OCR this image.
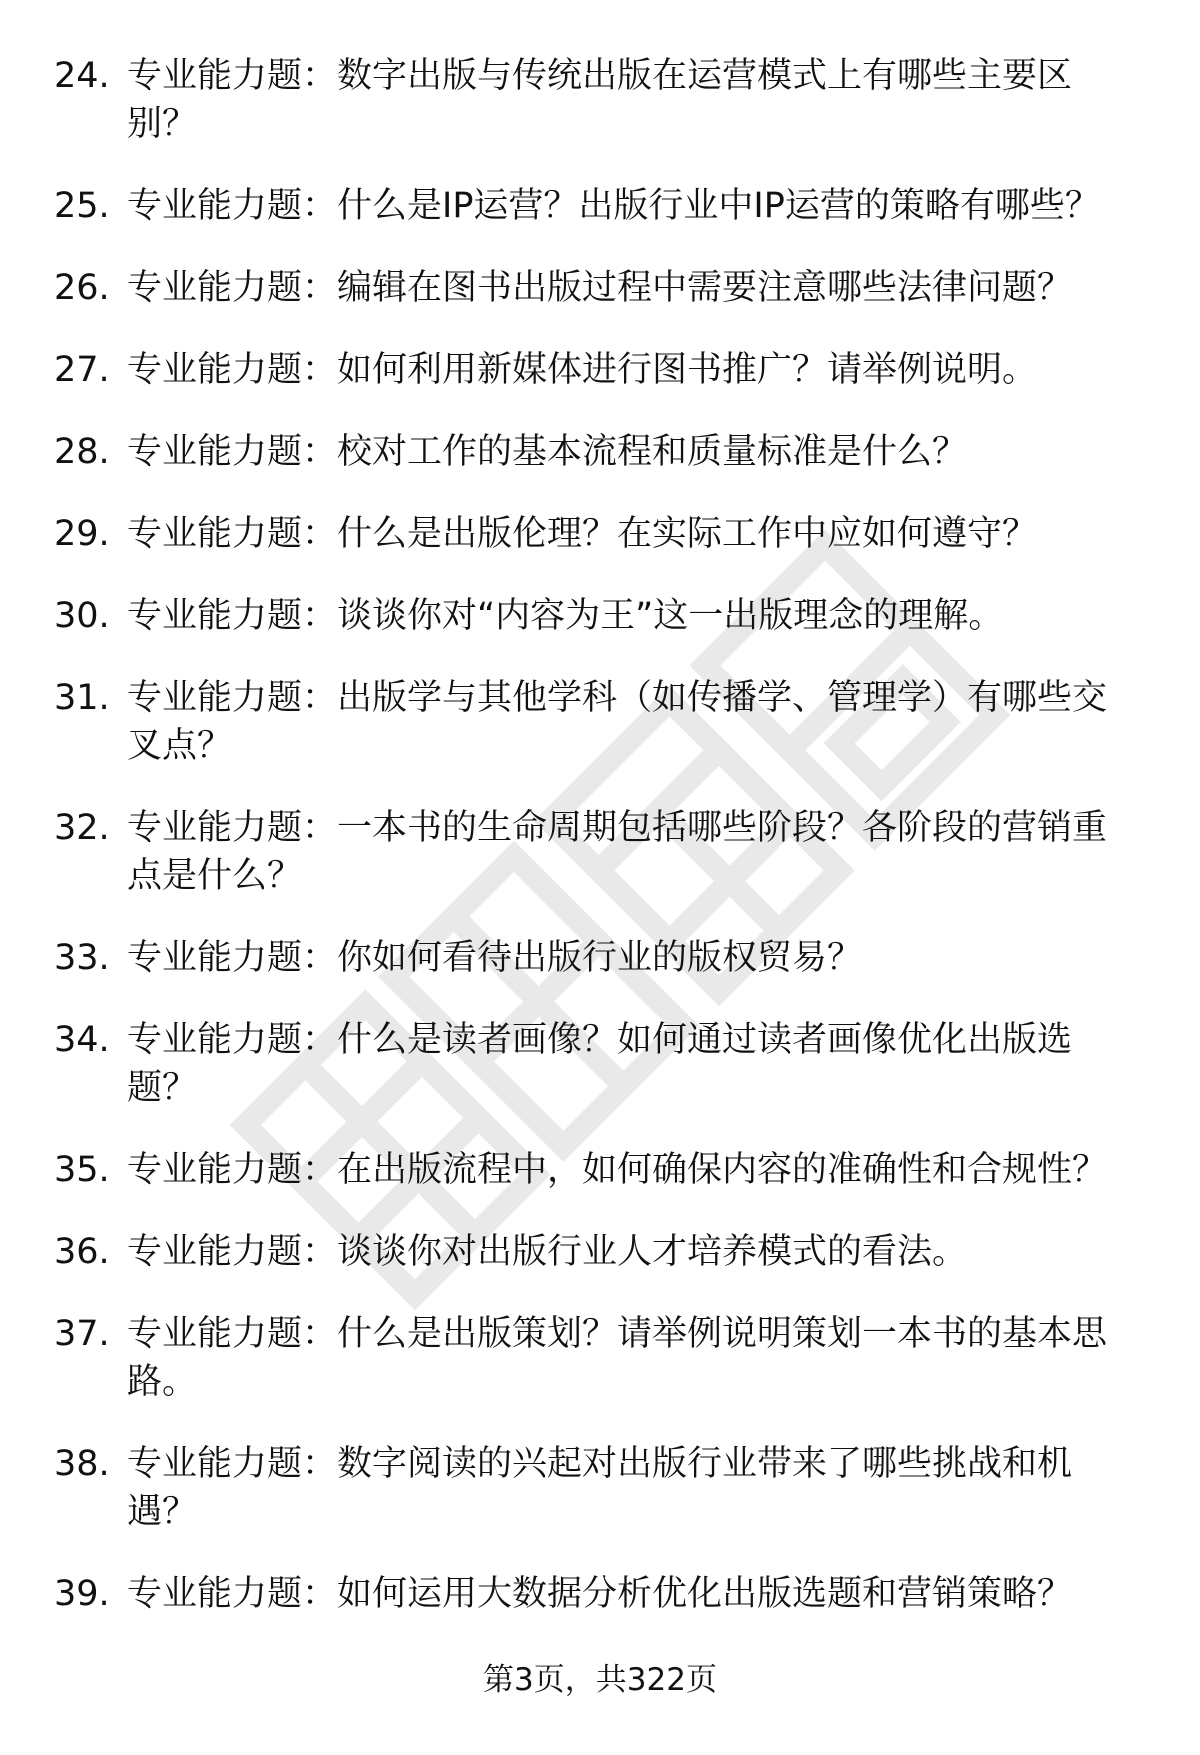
24. 专业能力题：数字出版与传统出版在运营模式上有哪些主要区
别？
25. 专业能力题：什么是IP运营？出版行业中IP运营的策略有哪些？
26. 专业能力题：编辑在图书出版过程中需要注意哪些法律问题？
27. 专业能力题：如何利用新媒体进行图书推广？请举例说明。
28. 专业能力题：校对工作的基本流程和质量标准是什么？
29. 专业能力题：什么是出版伦理？在实际工作中应如何遵守？
30. 专业能力题：谈谈你对“内容为王”这一出版理念的理解。
31. 专业能力题：出版学与其他学科（如传播学、管理学）有哪些交
叉点？
32. 专业能力题：一本书的生命周期包括哪些阶段？各阶段的营销重
点是什么？
33. 专业能力题：你如何看待出版行业的版权贸易？
34. 专业能力题：什么是读者画像？如何通过读者画像优化出版选
题？
35. 专业能力题：在出版流程中，如何确保内容的准确性和合规性？
36. 专业能力题：谈谈你对出版行业人才培养模式的看法。
37. 专业能力题：什么是出版策划？请举例说明策划一本书的基本思
路。
38. 专业能力题：数字阅读的兴起对出版行业带来了哪些挑战和机
遇？
39. 专业能力题：如何运用大数据分析优化出版选题和营销策略？
第3页，共322页
